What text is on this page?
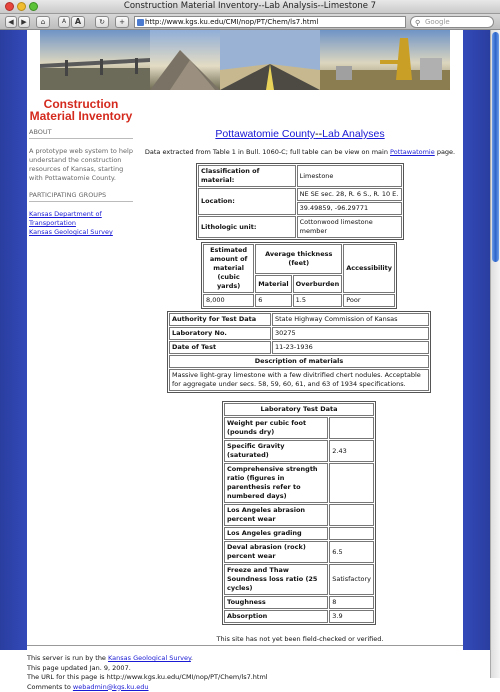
Construction Material Inventory--Lab Analysis--Limestone 7
◀	▶	⌂	A	A	↻	+	http://www.kgs.ku.edu/CMI/nop/PT/Chem/ls7.html	⚲ Google
Construction Material Inventory
ABOUT
A prototype web system to help understand the construction resources of Kansas, starting with Pottawatomie County.
PARTICIPATING GROUPS
Kansas Department of Transportation
Kansas Geological Survey
Pottawatomie County--Lab Analyses
Data extracted from Table 1 in Bull. 1060-C; full table can be view on main Pottawatomie page.
Classification of material:	Limestone
Location:	NE SE sec. 28, R. 6 S., R. 10 E.
	39.49859, -96.29771
Lithologic unit:	Cottonwood limestone member
Estimated amount of material (cubic yards)	Average thickness (feet)		Accessibility
	Material	Overburden	
8,000	6	1.5	Poor
Authority for Test Data	State Highway Commission of Kansas
Laboratory No.	30275
Date of Test	11-23-1936
Description of materials	
Massive light-gray limestone with a few divitrified chert nodules. Acceptable for aggregate under secs. 58, 59, 60, 61, and 63 of 1934 specifications.	
Laboratory Test Data	
Weight per cubic foot (pounds dry)	
Specific Gravity (saturated)	2.43
Comprehensive strength ratio (figures in parenthesis refer to numbered days)	
Los Angeles abrasion percent wear	
Los Angeles grading	
Deval abrasion (rock) percent wear	6.5
Freeze and Thaw Soundness loss ratio (25 cycles)	Satisfactory
Toughness	8
Absorption	3.9
This site has not yet been field-checked or verified.
This server is run by the Kansas Geological Survey.
This page updated Jan. 9, 2007.
The URL for this page is http://www.kgs.ku.edu/CMI/nop/PT/Chem/ls7.html
Comments to webadmin@kgs.ku.edu
